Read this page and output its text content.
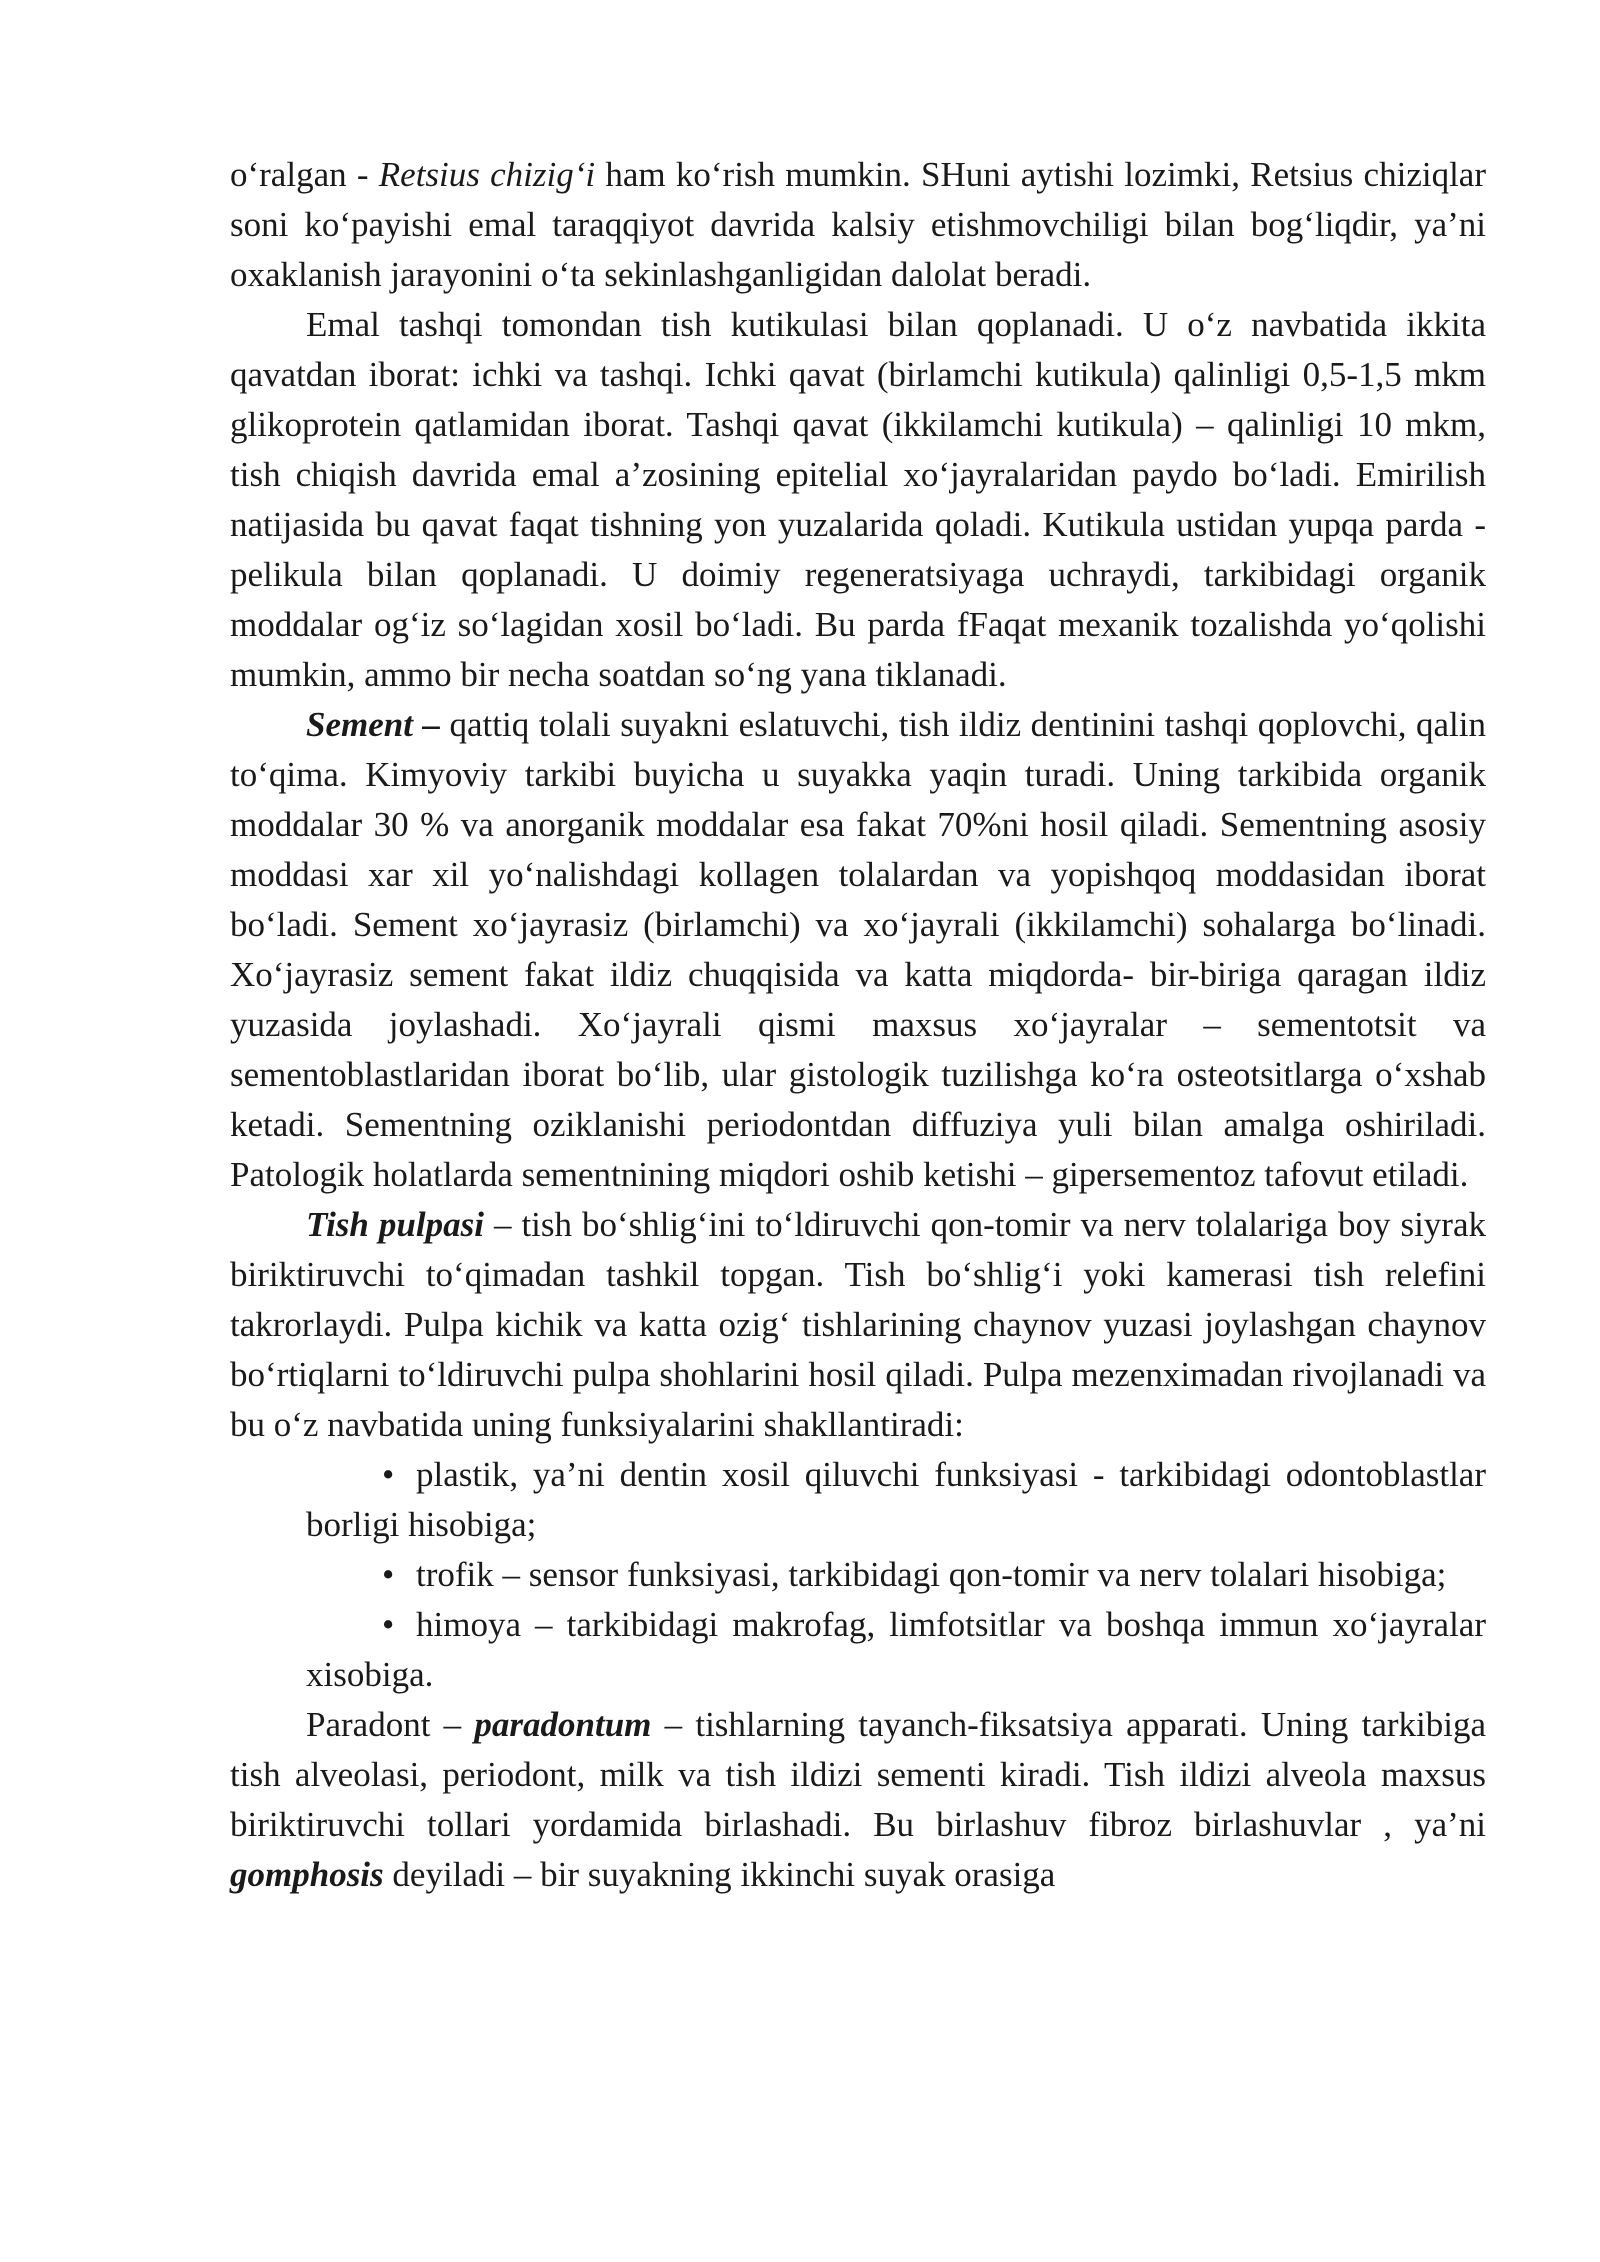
o‘ralgan - Retsius chizig‘i ham ko‘rish mumkin. SHuni aytishi lozimki, Retsius chiziqlar soni ko‘payishi emal taraqqiyot davrida kalsiy etishmovchiligi bilan bog‘liqdir, ya’ni oxaklanish jarayonini o‘ta sekinlashganligidan dalolat beradi.

Emal tashqi tomondan tish kutikulasi bilan qoplanadi. U o‘z navbatida ikkita qavatdan iborat: ichki va tashqi. Ichki qavat (birlamchi kutikula) qalinligi 0,5-1,5 mkm glikoprotein qatlamidan iborat. Tashqi qavat (ikkilamchi kutikula) – qalinligi 10 mkm, tish chiqish davrida emal a’zosining epitelial xo‘jayralaridan paydo bo‘ladi. Emirilish natijasida bu qavat faqat tishning yon yuzalarida qoladi. Kutikula ustidan yupqa parda - pelikula bilan qoplanadi. U doimiy regeneratsiyaga uchraydi, tarkibidagi organik moddalar og‘iz so‘lagidan xosil bo‘ladi. Bu parda fFaqat mexanik tozalishda yo‘qolishi mumkin, ammo bir necha soatdan so‘ng yana tiklanadi.

Sement – qattiq tolali suyakni eslatuvchi, tish ildiz dentinini tashqi qoplovchi, qalin to‘qima. Kimyoviy tarkibi buyicha u suyakka yaqin turadi. Uning tarkibida organik moddalar 30 % va anorganik moddalar esa fakat 70%ni hosil qiladi. Sementning asosiy moddasi xar xil yo‘nalishdagi kollagen tolalardan va yopishqoq moddasidan iborat bo‘ladi. Sement xo‘jayrasiz (birlamchi) va xo‘jayrali (ikkilamchi) sohalarga bo‘linadi. Xo‘jayrasiz sement fakat ildiz chuqqisida va katta miqdorda- bir-biriga qaragan ildiz yuzasida joylashadi. Xo‘jayrali qismi maxsus xo‘jayralar – sementotsit va sementoblastlaridan iborat bo‘lib, ular gistologik tuzilishga ko‘ra osteotsitlarga o‘xshab ketadi. Sementning oziklanishi periodontdan diffuziya yuli bilan amalga oshiriladi. Patologik holatlarda sementnining miqdori oshib ketishi – gipersementoz tafovut etiladi.

Tish pulpasi – tish bo‘shlig‘ini to‘ldiruvchi qon-tomir va nerv tolalariga boy siyrak biriktiruvchi to‘qimadan tashkil topgan. Tish bo‘shlig‘i yoki kamerasi tish relefini takrorlaydi. Pulpa kichik va katta ozig‘ tishlarining chaynov yuzasi joylashgan chaynov bo‘rtiqlarni to‘ldiruvchi pulpa shohlarini hosil qiladi. Pulpa mezenximadan rivojlanadi va bu o‘z navbatida uning funksiyalarini shakllantiradi:

• plastik, ya’ni dentin xosil qiluvchi funksiyasi - tarkibidagi odontoblastlar borligi hisobiga;

• trofik – sensor funksiyasi, tarkibidagi qon-tomir va nerv tolalari hisobiga;

• himoya – tarkibidagi makrofag, limfotsitlar va boshqa immun xo‘jayralar xisobiga.

Paradont – paradontum – tishlarning tayanch-fiksatsiya apparati. Uning tarkibiga tish alveolasi, periodont, milk va tish ildizi sementi kiradi. Tish ildizi alveola maxsus biriktiruvchi tollari yordamida birlashadi. Bu birlashuv fibroz birlashuvlar , ya’ni gomphosis deyiladi – bir suyakning ikkinchi suyak orasiga
